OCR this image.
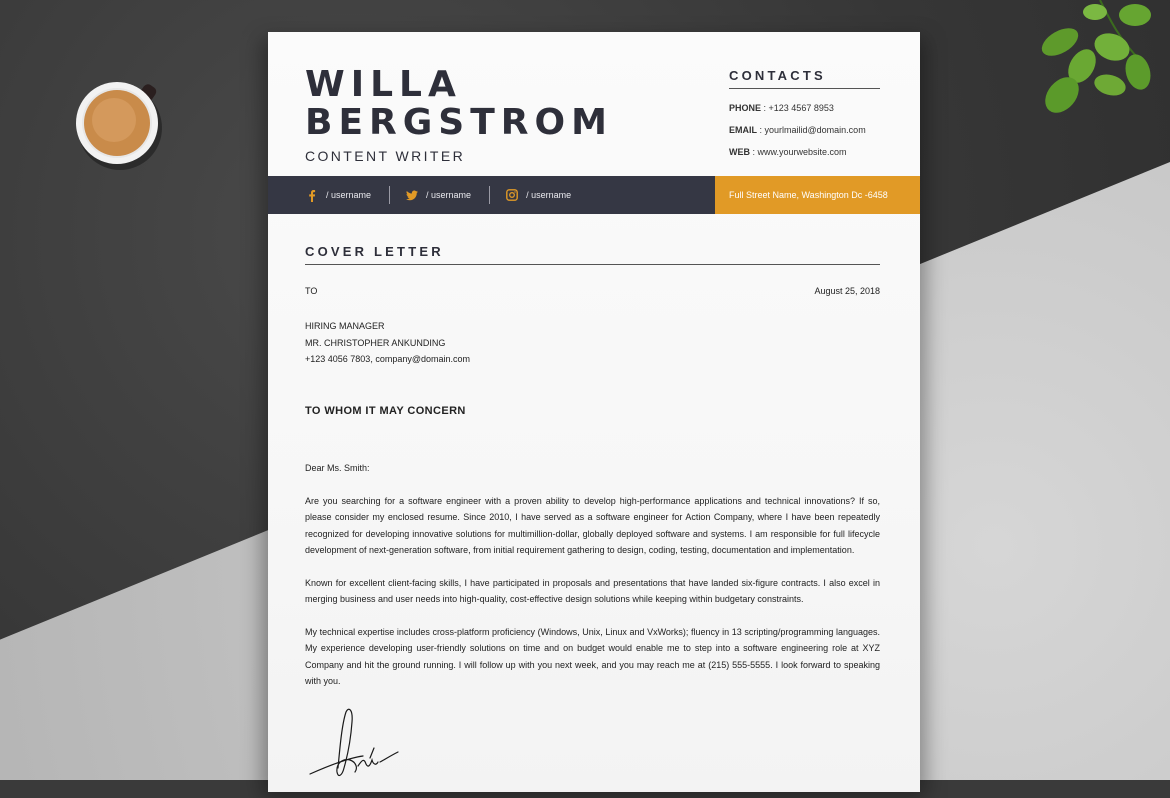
WILLA
BERGSTROM
CONTENT WRITER
CONTACTS
PHONE : +123 4567 8953
EMAIL : yourlmailid@domain.com
WEB : www.yourwebsite.com
/ username	/ username	/ username	Full Street Name, Washington Dc -6458
COVER LETTER
TO	August 25, 2018
HIRING MANAGER
MR. CHRISTOPHER ANKUNDING
+123 4056 7803, company@domain.com
TO WHOM IT MAY CONCERN
Dear Ms. Smith:

Are you searching for a software engineer with a proven ability to develop high-performance applications and technical innovations? If so, please consider my enclosed resume. Since 2010, I have served as a software engineer for Action Company, where I have been repeatedly recognized for developing innovative solutions for multimillion-dollar, globally deployed software and systems. I am responsible for full lifecycle development of next-generation software, from initial requirement gathering to design, coding, testing, documentation and implementation.

Known for excellent client-facing skills, I have participated in proposals and presentations that have landed six-figure contracts. I also excel in merging business and user needs into high-quality, cost-effective design solutions while keeping within budgetary constraints.

My technical expertise includes cross-platform proficiency (Windows, Unix, Linux and VxWorks); fluency in 13 scripting/programming languages. My experience developing user-friendly solutions on time and on budget would enable me to step into a software engineering role at XYZ Company and hit the ground running. I will follow up with you next week, and you may reach me at (215) 555-5555. I look forward to speaking with you.
